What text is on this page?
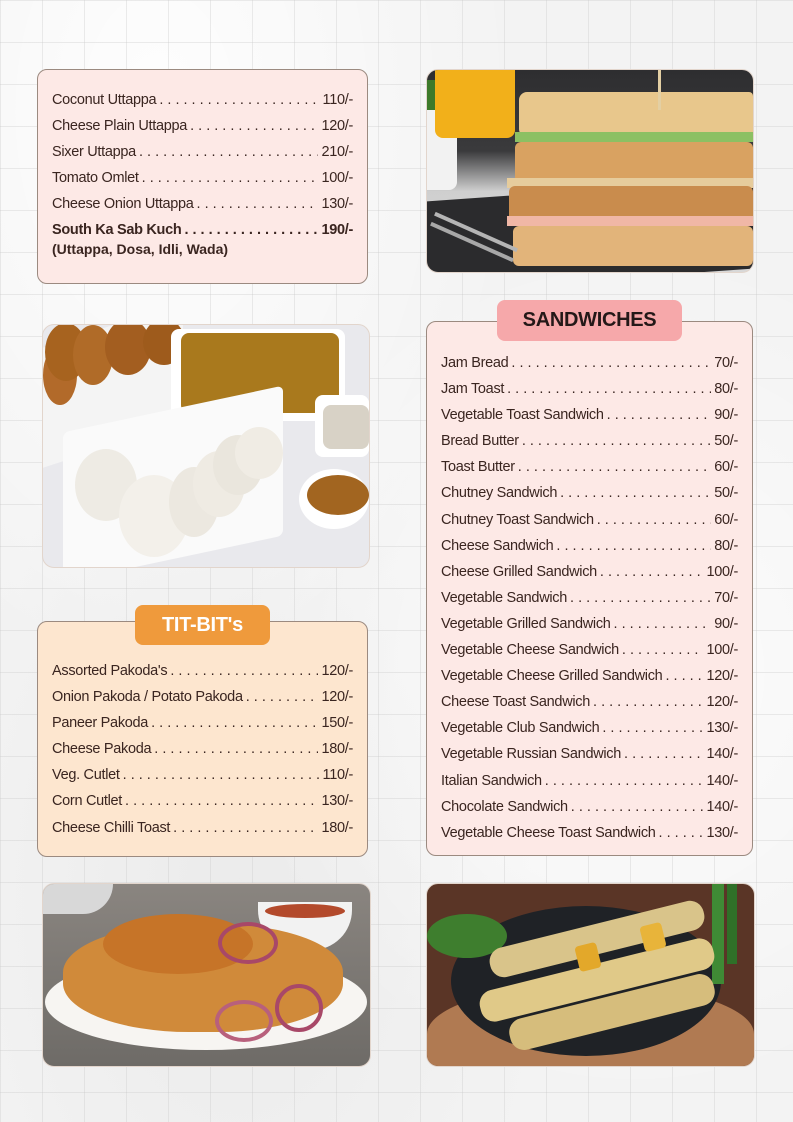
Coconut Uttappa . . .	110/-
Cheese Plain Uttappa . . .	120/-
Sixer Uttappa . . .	210/-
Tomato Omlet . . .	100/-
Cheese Onion Uttappa . . .	130/-
South Ka Sab Kuch . . .	190/-
(Uttappa, Dosa, Idli, Wada)
Assorted Pakoda's . . .	120/-
Onion Pakoda / Potato Pakoda . . .	120/-
Paneer Pakoda . . .	150/-
Cheese Pakoda . . .	180/-
Veg. Cutlet . . .	110/-
Corn Cutlet . . .	130/-
Cheese Chilli Toast . . .	180/-
TIT-BIT's
Jam Bread . . .	70/-
Jam Toast . . .	80/-
Vegetable Toast Sandwich . . .	90/-
Bread Butter . . .	50/-
Toast Butter . . .	60/-
Chutney Sandwich . . .	50/-
Chutney Toast Sandwich . . .	60/-
Cheese Sandwich . . .	80/-
Cheese Grilled Sandwich . . .	100/-
Vegetable Sandwich . . .	70/-
Vegetable Grilled Sandwich . . .	90/-
Vegetable Cheese Sandwich . . .	100/-
Vegetable Cheese Grilled Sandwich . . .	120/-
Cheese Toast Sandwich . . .	120/-
Vegetable Club Sandwich . . .	130/-
Vegetable Russian Sandwich . . .	140/-
Italian Sandwich . . .	140/-
Chocolate Sandwich . . .	140/-
Vegetable Cheese Toast Sandwich . . .	130/-
SANDWICHES
